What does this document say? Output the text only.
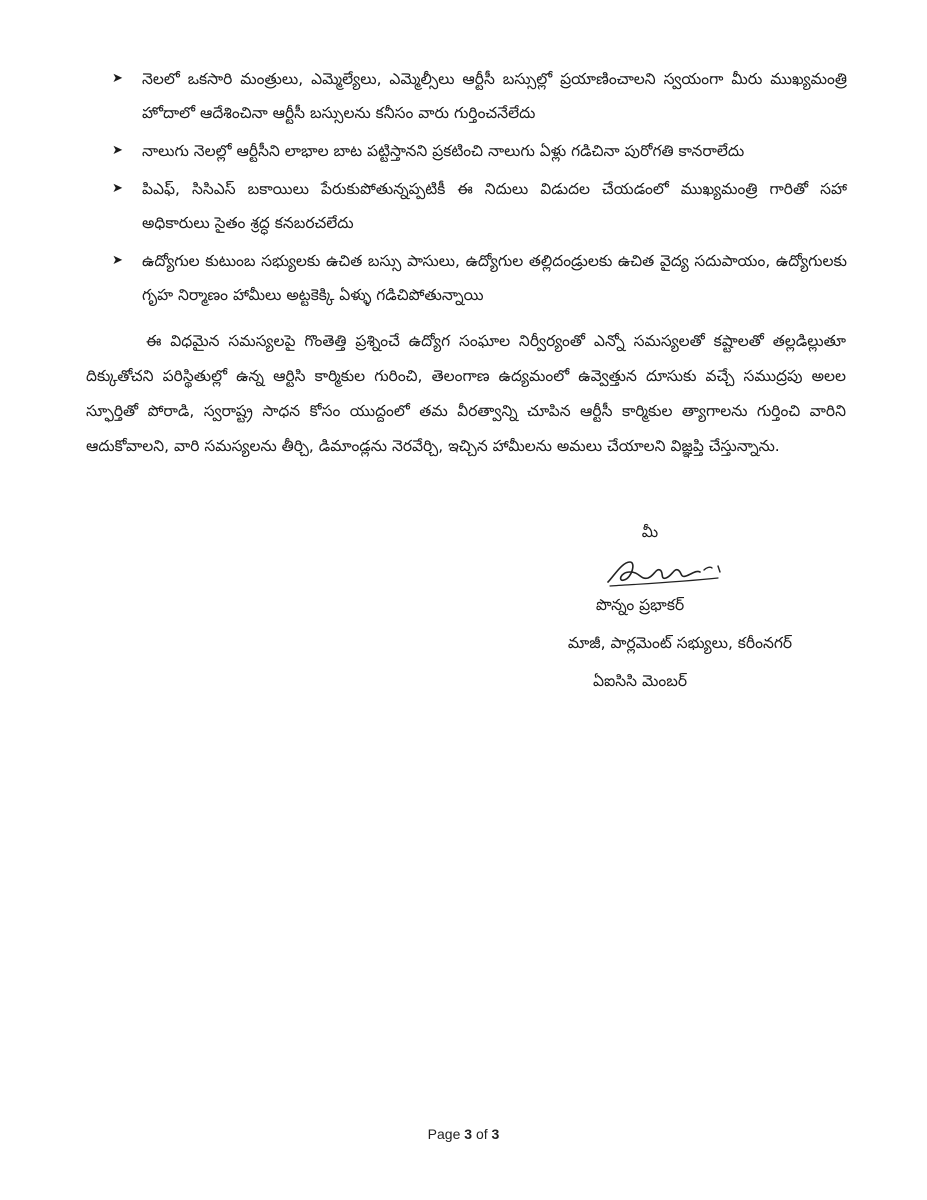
➤ నెలలో ఒకసారి మంత్రులు, ఎమ్మెల్యేలు, ఎమ్మెల్సీలు ఆర్టీసీ బస్సుల్లో ప్రయాణించాలని స్వయంగా మీరు ముఖ్యమంత్రి హోదాలో ఆదేశించినా ఆర్టీసీ బస్సులను కనీసం వారు గుర్తించనేలేదు
➤ నాలుగు నెలల్లో ఆర్టీసీని లాభాల బాట పట్టిస్తానని ప్రకటించి నాలుగు ఏళ్లు గడిచినా పురోగతి కానరాలేదు
➤ పిఎఫ్, సిసిఎస్ బకాయిలు పేరుకుపోతున్నప్పటికీ ఈ నిదులు విడుదల చేయడంలో ముఖ్యమంత్రి గారితో సహా అధికారులు సైతం శ్రద్ధ కనబరచలేదు
➤ ఉద్యోగుల కుటుంబ సభ్యులకు ఉచిత బస్సు పాసులు, ఉద్యోగుల తల్లిదండ్రులకు ఉచిత వైద్య సదుపాయం, ఉద్యోగులకు గృహ నిర్మాణం హామీలు అట్టకెక్కి ఏళ్ళు గడిచిపోతున్నాయి

ఈ విధమైన సమస్యలపై గొంతెత్తి ప్రశ్నించే ఉద్యోగ సంఘాల నిర్వీర్యంతో ఎన్నో సమస్యలతో కష్టాలతో తల్లడిల్లుతూ దిక్కుతోచని పరిస్థితుల్లో ఉన్న ఆర్టిసి కార్మికుల గురించి, తెలంగాణ ఉద్యమంలో ఉవ్వెత్తున దూసుకు వచ్చే సముద్రపు అలల స్ఫూర్తితో పోరాడి, స్వరాష్ట్ర సాధన కోసం యుద్దంలో తమ వీరత్వాన్ని చూపిన ఆర్టీసీ కార్మికుల త్యాగాలను గుర్తించి వారిని ఆదుకోవాలని, వారి సమస్యలను తీర్చి, డిమాండ్లను నెరవేర్చి, ఇచ్చిన హామీలను అమలు చేయాలని విజ్ఞప్తి చేస్తున్నాను.

మీ
పొన్నం ప్రభాకర్
మాజీ, పార్లమెంట్ సభ్యులు, కరీంనగర్
ఏఐసిసి మెంబర్
Page 3 of 3
